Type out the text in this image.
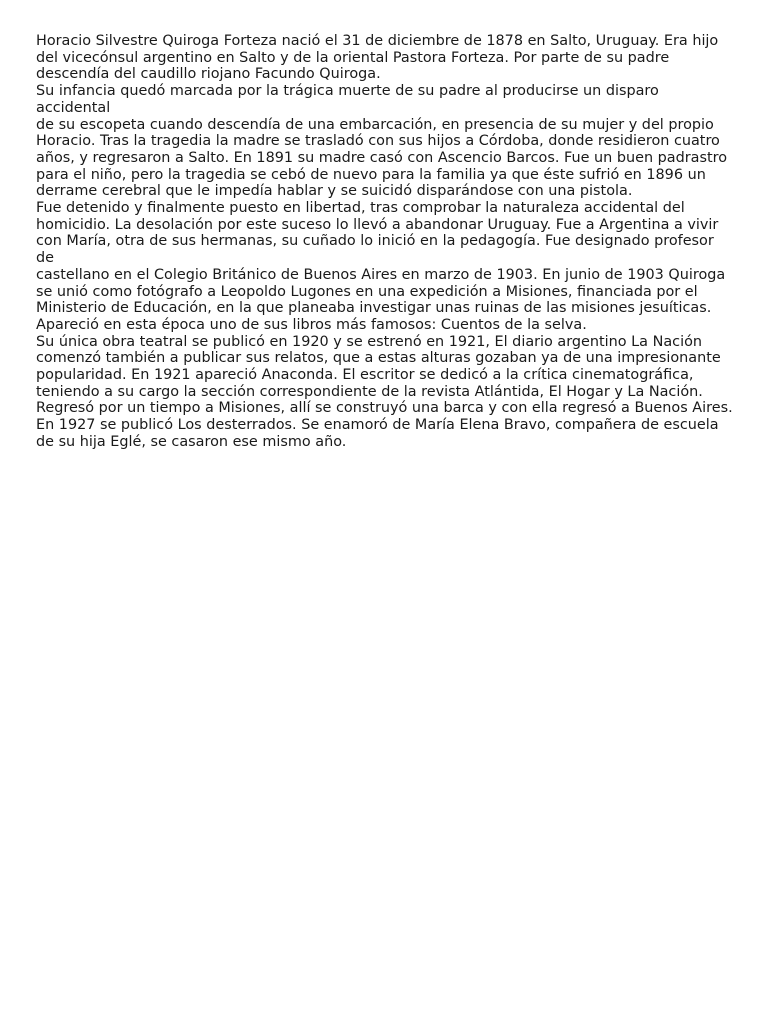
Horacio Silvestre Quiroga Forteza nació el 31 de diciembre de 1878 en Salto, Uruguay. Era hijo
del vicecónsul argentino en Salto y de la oriental Pastora Forteza. Por parte de su padre
descendía del caudillo riojano Facundo Quiroga.

Su infancia quedó marcada por la trágica muerte de su padre al producirse un disparo accidental
de su escopeta cuando descendía de una embarcación, en presencia de su mujer y del propio
Horacio. Tras la tragedia la madre se trasladó con sus hijos a Córdoba, donde residieron cuatro
años, y regresaron a Salto. En 1891 su madre casó con Ascencio Barcos. Fue un buen padrastro
para el niño, pero la tragedia se cebó de nuevo para la familia ya que éste sufrió en 1896 un
derrame cerebral que le impedía hablar y se suicidó disparándose con una pistola.

Fue detenido y finalmente puesto en libertad, tras comprobar la naturaleza accidental del
homicidio. La desolación por este suceso lo llevó a abandonar Uruguay. Fue a Argentina a vivir
con María, otra de sus hermanas, su cuñado lo inició en la pedagogía. Fue designado profesor de
castellano en el Colegio Británico de Buenos Aires en marzo de 1903. En junio de 1903 Quiroga
se unió como fotógrafo a Leopoldo Lugones en una expedición a Misiones, financiada por el
Ministerio de Educación, en la que planeaba investigar unas ruinas de las misiones jesuíticas.
Apareció en esta época uno de sus libros más famosos: Cuentos de la selva.

Su única obra teatral se publicó en 1920 y se estrenó en 1921, El diario argentino La Nación
comenzó también a publicar sus relatos, que a estas alturas gozaban ya de una impresionante
popularidad. En 1921 apareció Anaconda. El escritor se dedicó a la crítica cinematográfica,
teniendo a su cargo la sección correspondiente de la revista Atlántida, El Hogar y La Nación.
Regresó por un tiempo a Misiones, allí se construyó una barca y con ella regresó a Buenos Aires.
En 1927 se publicó Los desterrados. Se enamoró de María Elena Bravo, compañera de escuela
de su hija Eglé, se casaron ese mismo año.
